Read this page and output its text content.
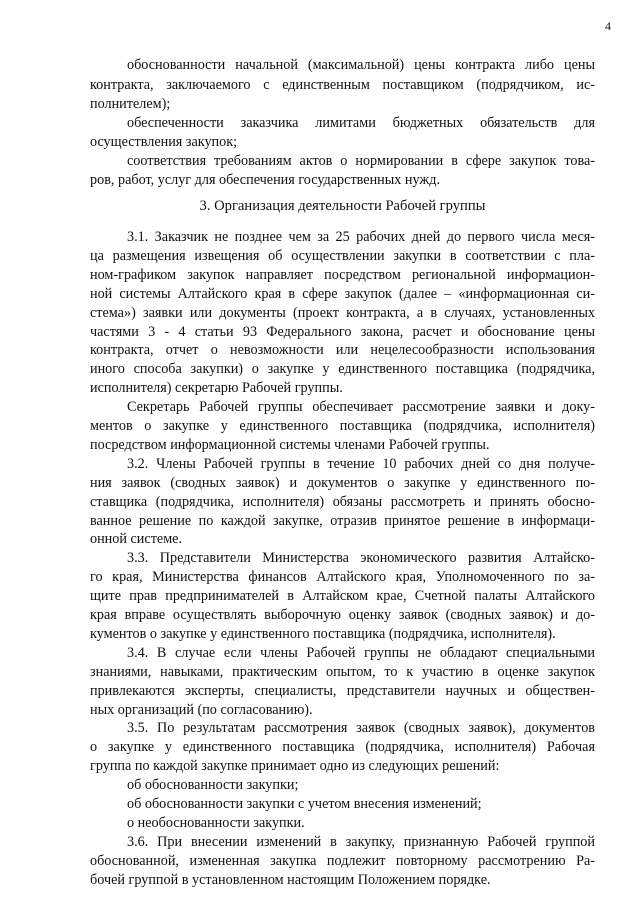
4
обоснованности начальной (максимальной) цены контракта либо цены
контракта, заключаемого с единственным поставщиком (подрядчиком, ис-
полнителем);
обеспеченности заказчика лимитами бюджетных обязательств для
осуществления закупок;
соответствия требованиям актов о нормировании в сфере закупок това-
ров, работ, услуг для обеспечения государственных нужд.
3. Организация деятельности Рабочей группы
3.1. Заказчик не позднее чем за 25 рабочих дней до первого числа меся-
ца размещения извещения об осуществлении закупки в соответствии с пла-
ном-графиком закупок направляет посредством региональной информацион-
ной системы Алтайского края в сфере закупок (далее – «информационная си-
стема») заявки или документы (проект контракта, а в случаях, установленных
частями 3 - 4 статьи 93 Федерального закона, расчет и обоснование цены
контракта, отчет о невозможности или нецелесообразности использования
иного способа закупки) о закупке у единственного поставщика (подрядчика,
исполнителя) секретарю Рабочей группы.
Секретарь Рабочей группы обеспечивает рассмотрение заявки и доку-
ментов о закупке у единственного поставщика (подрядчика, исполнителя)
посредством информационной системы членами Рабочей группы.
3.2. Члены Рабочей группы в течение 10 рабочих дней со дня получе-
ния заявок (сводных заявок) и документов о закупке у единственного по-
ставщика (подрядчика, исполнителя) обязаны рассмотреть и принять обосно-
ванное решение по каждой закупке, отразив принятое решение в информаци-
онной системе.
3.3. Представители Министерства экономического развития Алтайско-
го края, Министерства финансов Алтайского края, Уполномоченного по за-
щите прав предпринимателей в Алтайском крае, Счетной палаты Алтайского
края вправе осуществлять выборочную оценку заявок (сводных заявок) и до-
кументов о закупке у единственного поставщика (подрядчика, исполнителя).
3.4. В случае если члены Рабочей группы не обладают специальными
знаниями, навыками, практическим опытом, то к участию в оценке закупок
привлекаются эксперты, специалисты, представители научных и обществен-
ных организаций (по согласованию).
3.5. По результатам рассмотрения заявок (сводных заявок), документов
о закупке у единственного поставщика (подрядчика, исполнителя) Рабочая
группа по каждой закупке принимает одно из следующих решений:
об обоснованности закупки;
об обоснованности закупки с учетом внесения изменений;
о необоснованности закупки.
3.6. При внесении изменений в закупку, признанную Рабочей группой
обоснованной, измененная закупка подлежит повторному рассмотрению Ра-
бочей группой в установленном настоящим Положением порядке.
